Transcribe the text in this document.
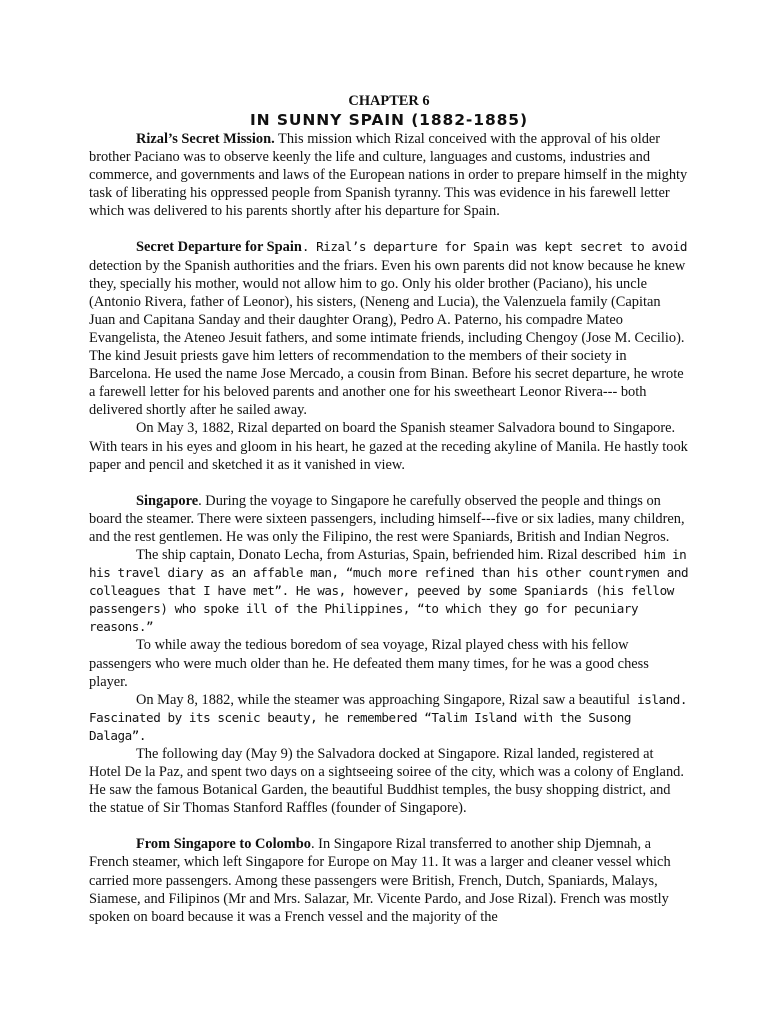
CHAPTER 6
IN SUNNY SPAIN (1882-1885)

Rizal’s Secret Mission. This mission which Rizal conceived with the approval of his older brother Paciano was to observe keenly the life and culture, languages and customs, industries and commerce, and governments and laws of the European nations in order to prepare himself in the mighty task of liberating his oppressed people from Spanish tyranny. This was evidence in his farewell letter which was delivered to his parents shortly after his departure for Spain.

Secret Departure for Spain. Rizal’s departure for Spain was kept secret to avoid detection by the Spanish authorities and the friars. Even his own parents did not know because he knew they, specially his mother, would not allow him to go. Only his older brother (Paciano), his uncle (Antonio Rivera, father of Leonor), his sisters, (Neneng and Lucia), the Valenzuela family (Capitan Juan and Capitana Sanday and their daughter Orang), Pedro A. Paterno, his compadre Mateo Evangelista, the Ateneo Jesuit fathers, and some intimate friends, including Chengoy (Jose M. Cecilio). The kind Jesuit priests gave him letters of recommendation to the members of their society in Barcelona. He used the name Jose Mercado, a cousin from Binan. Before his secret departure, he wrote a farewell letter for his beloved parents and another one for his sweetheart Leonor Rivera--- both delivered shortly after he sailed away.

On May 3, 1882, Rizal departed on board the Spanish steamer Salvadora bound to Singapore. With tears in his eyes and gloom in his heart, he gazed at the receding akyline of Manila. He hastly took paper and pencil and sketched it as it vanished in view.

Singapore. During the voyage to Singapore he carefully observed the people and things on board the steamer. There were sixteen passengers, including himself---five or six ladies, many children, and the rest gentlemen. He was only the Filipino, the rest were Spaniards, British and Indian Negros.

The ship captain, Donato Lecha, from Asturias, Spain, befriended him. Rizal described him in his travel diary as an affable man, “much more refined than his other countrymen and colleagues that I have met”. He was, however, peeved by some Spaniards (his fellow passengers) who spoke ill of the Philippines, “to which they go for pecuniary reasons.”

To while away the tedious boredom of sea voyage, Rizal played chess with his fellow passengers who were much older than he. He defeated them many times, for he was a good chess player.

On May 8, 1882, while the steamer was approaching Singapore, Rizal saw a beautiful island. Fascinated by its scenic beauty, he remembered “Talim Island with the Susong Dalaga”.

The following day (May 9) the Salvadora docked at Singapore. Rizal landed, registered at Hotel De la Paz, and spent two days on a sightseeing soiree of the city, which was a colony of England. He saw the famous Botanical Garden, the beautiful Buddhist temples, the busy shopping district, and the statue of Sir Thomas Stanford Raffles (founder of Singapore).

From Singapore to Colombo. In Singapore Rizal transferred to another ship Djemnah, a French steamer, which left Singapore for Europe on May 11. It was a larger and cleaner vessel which carried more passengers. Among these passengers were British, French, Dutch, Spaniards, Malays, Siamese, and Filipinos (Mr and Mrs. Salazar, Mr. Vicente Pardo, and Jose Rizal). French was mostly spoken on board because it was a French vessel and the majority of the
